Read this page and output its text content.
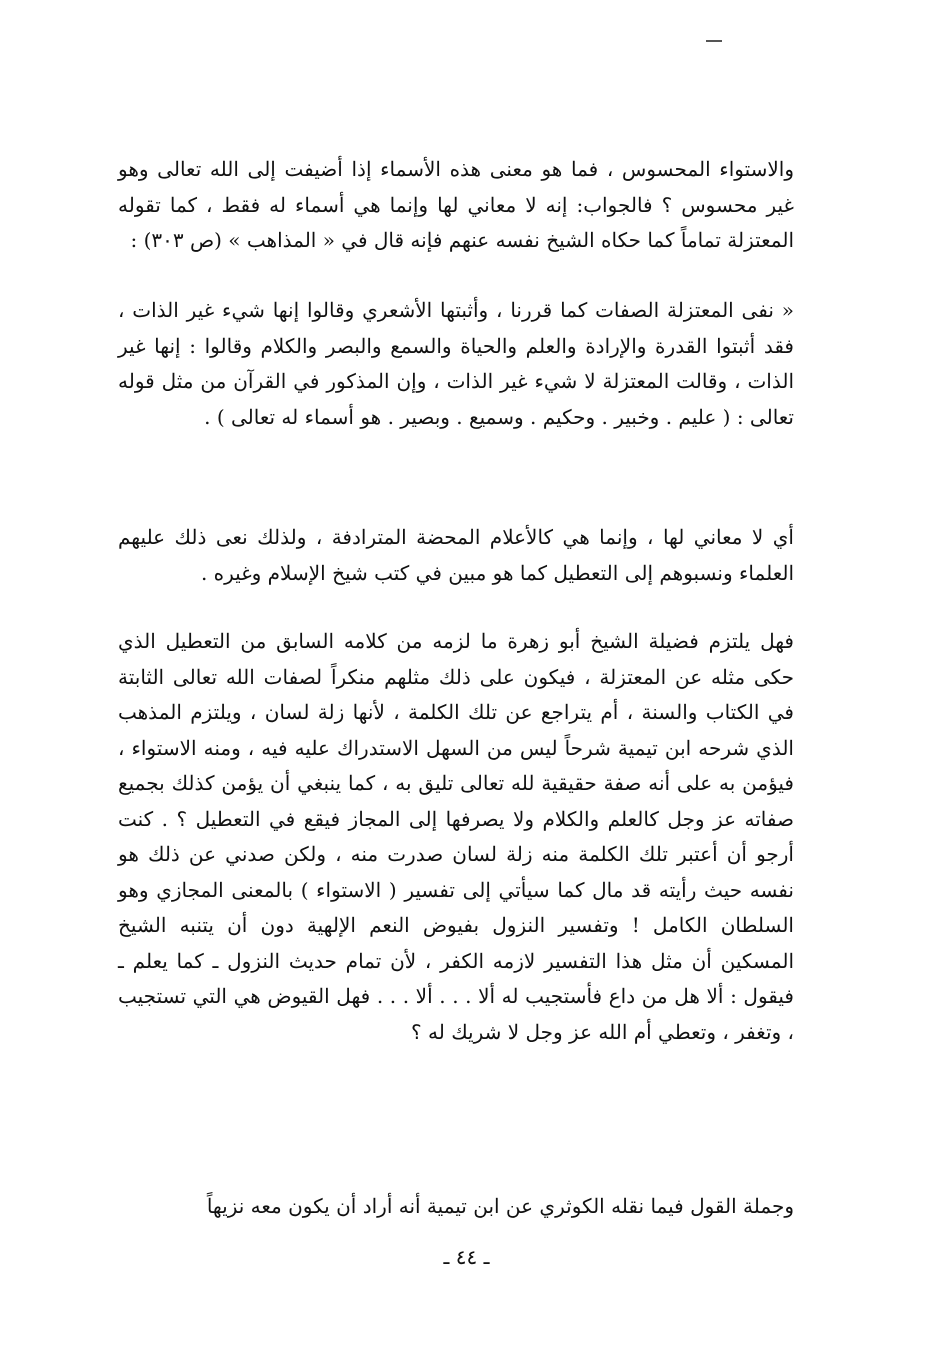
والاستواء المحسوس ، فما هو معنى هذه الأسماء إذا أضيفت إلى الله تعالى وهو غير محسوس ؟ فالجواب: إنه لا معاني لها وإنما هي أسماء له فقط ، كما تقوله المعتزلة تماماً كما حكاه الشيخ نفسه عنهم فإنه قال في « المذاهب » (ص ٣٠٣) :

« نفى المعتزلة الصفات كما قررنا ، وأثبتها الأشعري وقالوا إنها شيء غير الذات ، فقد أثبتوا القدرة والإرادة والعلم والحياة والسمع والبصر والكلام وقالوا : إنها غير الذات ، وقالت المعتزلة لا شيء غير الذات ، وإن المذكور في القرآن من مثل قوله تعالى : ( عليم . وخبير . وحكيم . وسميع . وبصير . هو أسماء له تعالى ) .

أي لا معاني لها ، وإنما هي كالأعلام المحضة المترادفة ، ولذلك نعى ذلك عليهم العلماء ونسبوهم إلى التعطيل كما هو مبين في كتب شيخ الإسلام وغيره .

فهل يلتزم فضيلة الشيخ أبو زهرة ما لزمه من كلامه السابق من التعطيل الذي حكى مثله عن المعتزلة ، فيكون على ذلك مثلهم منكراً لصفات الله تعالى الثابتة في الكتاب والسنة ، أم يتراجع عن تلك الكلمة ، لأنها زلة لسان ، ويلتزم المذهب الذي شرحه ابن تيمية شرحاً ليس من السهل الاستدراك عليه فيه ، ومنه الاستواء ، فيؤمن به على أنه صفة حقيقية لله تعالى تليق به ، كما ينبغي أن يؤمن كذلك بجميع صفاته عز وجل كالعلم والكلام ولا يصرفها إلى المجاز فيقع في التعطيل ؟ . كنت أرجو أن أعتبر تلك الكلمة منه زلة لسان صدرت منه ، ولكن صدني عن ذلك هو نفسه حيث رأيته قد مال كما سيأتي إلى تفسير ( الاستواء ) بالمعنى المجازي وهو السلطان الكامل ! وتفسير النزول بفيوض النعم الإلهية دون أن يتنبه الشيخ المسكين أن مثل هذا التفسير لازمه الكفر ، لأن تمام حديث النزول ـ كما يعلم ـ فيقول : ألا هل من داع فأستجيب له ألا . . . ألا . . . فهل القيوض هي التي تستجيب ، وتغفر ، وتعطي أم الله عز وجل لا شريك له ؟

وجملة القول فيما نقله الكوثري عن ابن تيمية أنه أراد أن يكون معه نزيهاً

ـ ٤٤ ـ
